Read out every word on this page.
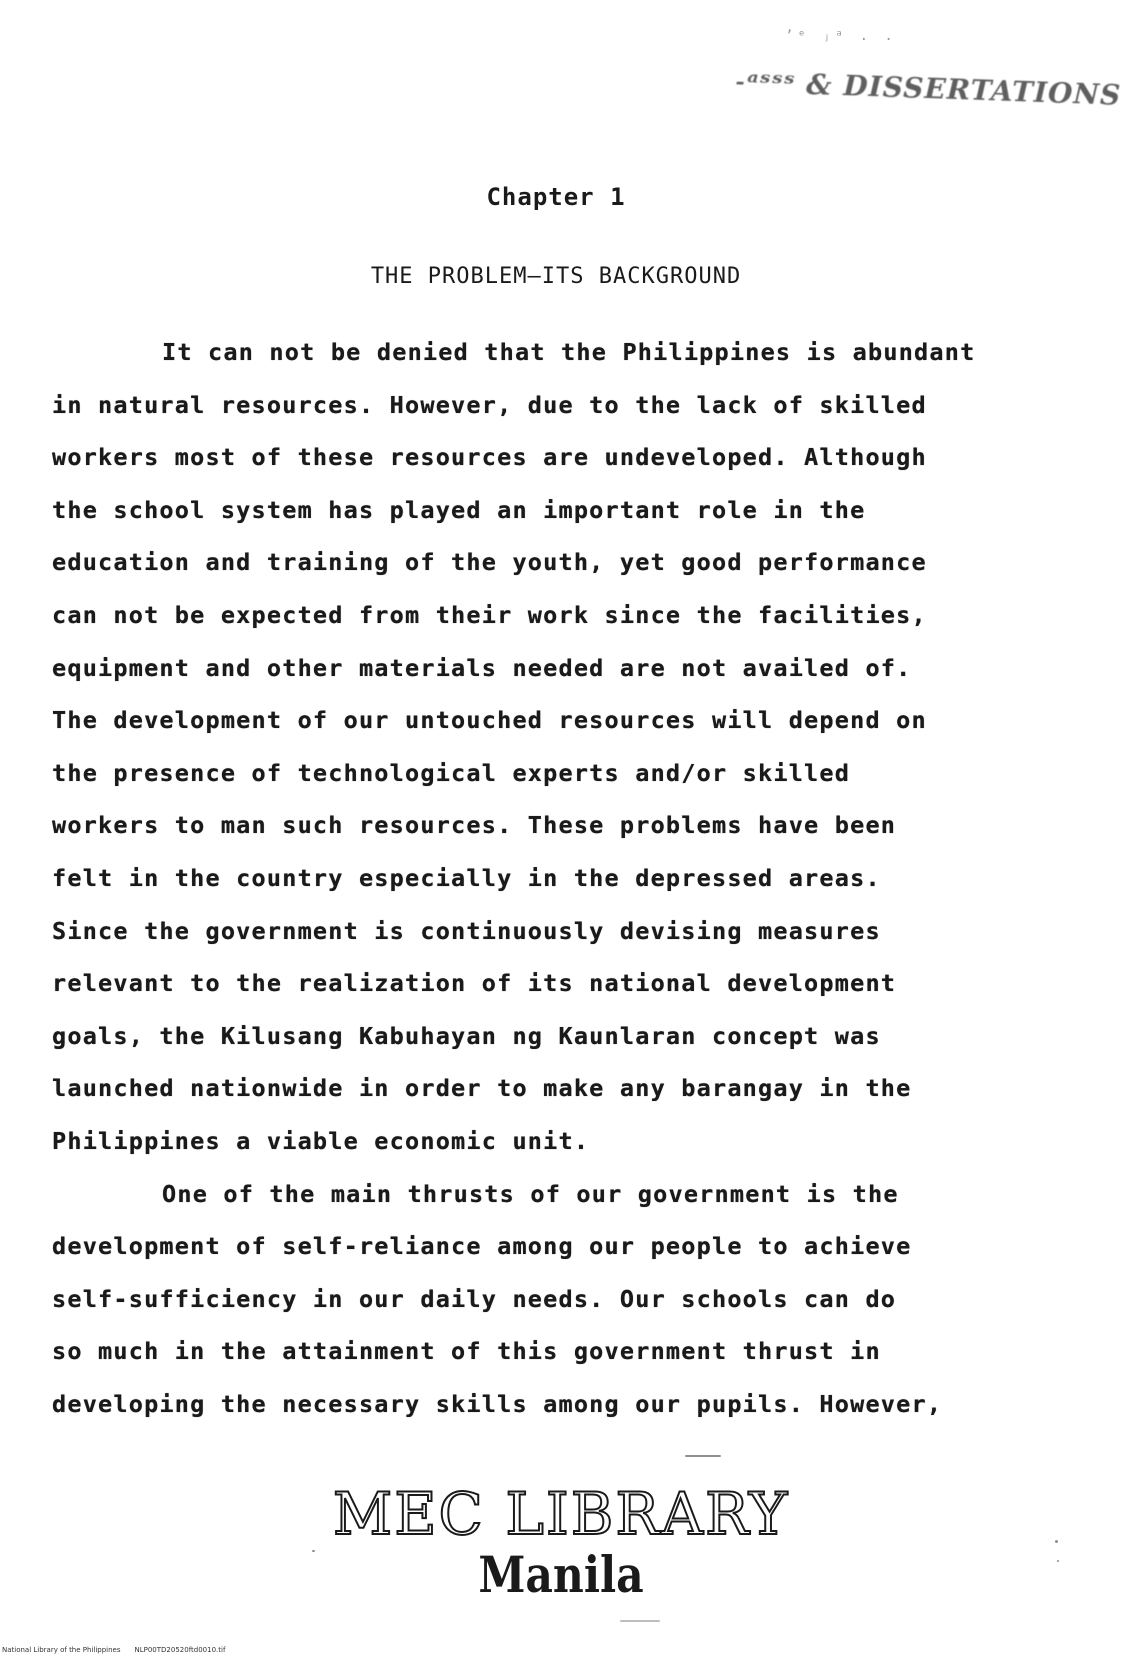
ʼᵉ ⱼᵃ . .
˗ᵃˢˢˢ & DISSERTATIONS
Chapter 1
THE PROBLEM—ITS BACKGROUND
It can not be denied that the Philippines is abundant
in natural resources. However, due to the lack of skilled
workers most of these resources are undeveloped. Although
the school system has played an important role in the
education and training of the youth, yet good performance
can not be expected from their work since the facilities,
equipment and other materials needed are not availed of.
The development of our untouched resources will depend on
the presence of technological experts and/or skilled
workers to man such resources. These problems have been
felt in the country especially in the depressed areas.
Since the government is continuously devising measures
relevant to the realization of its national development
goals, the Kilusang Kabuhayan ng Kaunlaran concept was
launched nationwide in order to make any barangay in the
Philippines a viable economic unit.
One of the main thrusts of our government is the
development of self-reliance among our people to achieve
self-sufficiency in our daily needs. Our schools can do
so much in the attainment of this government thrust in
developing the necessary skills among our pupils. However,
MEC LIBRARY
Manila
National Library of the Philippines NLP00TD20520ftd0010.tif
